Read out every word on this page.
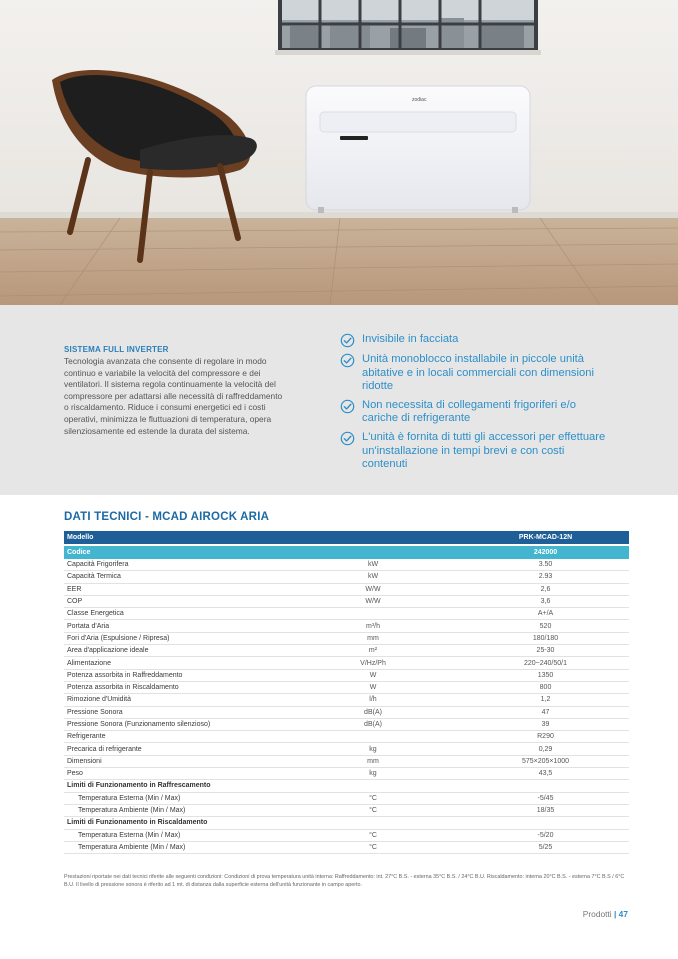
zodiac
SISTEMA FULL INVERTER

Tecnologia avanzata che consente di regolare in modo continuo e variabile la velocità del compressore e dei ventilatori. Il sistema regola continuamente la velocità del compressore per adattarsi alle necessità di raffreddamento o riscaldamento. Riduce i consumi energetici ed i costi operativi, minimizza le fluttuazioni di temperatura, opera silenziosamente ed estende la durata del sistema.

Invisibile in facciata
Unità monoblocco installabile in piccole unità abitative e in locali commerciali con dimensioni ridotte
Non necessita di collegamenti frigoriferi e/o cariche di refrigerante
L'unità è fornita di tutti gli accessori per effettuare un'installazione in tempi brevi e con costi contenuti
DATI TECNICI - MCAD AIROCK ARIA
Modello	PRK-MCAD-12N
Codice	242000
Capacità Frigorifera	kW	3.50
Capacità Termica	kW	2.93
EER	W/W	2,6
COP	W/W	3,6
Classe Energetica	A+/A
Portata d'Aria	m³/h	520
Fori d'Aria (Espulsione / Ripresa)	mm	180/180
Area d'applicazione ideale	m²	25-30
Alimentazione	V/Hz/Ph	220~240/50/1
Potenza assorbita in Raffreddamento	W	1350
Potenza assorbita in Riscaldamento	W	800
Rimozione d'Umidità	l/h	1,2
Pressione Sonora	dB(A)	47
Pressione Sonora (Funzionamento silenzioso)	dB(A)	39
Refrigerante	R290
Precarica di refrigerante	kg	0,29
Dimensioni	mm	575×205×1000
Peso	kg	43,5
Limiti di Funzionamento in Raffrescamento
Temperatura Esterna (Min / Max)	°C	-5/45
Temperatura Ambiente (Min / Max)	°C	18/35
Limiti di Funzionamento in Riscaldamento
Temperatura Esterna (Min / Max)	°C	-5/20
Temperatura Ambiente (Min / Max)	°C	5/25
Prestazioni riportate nei dati tecnici riferite alle seguenti condizioni: Condizioni di prova temperatura unità interna: Raffreddamento: int. 27°C B.S. - esterna 35°C B.S. / 24°C B.U. Riscaldamento: interna 20°C B.S. - esterna 7°C B.S / 6°C B.U. Il livello di pressione sonora è riferito ad 1 mt. di distanza dalla superficie esterna dell'unità funzionante in campo aperto.
Prodotti | 47
